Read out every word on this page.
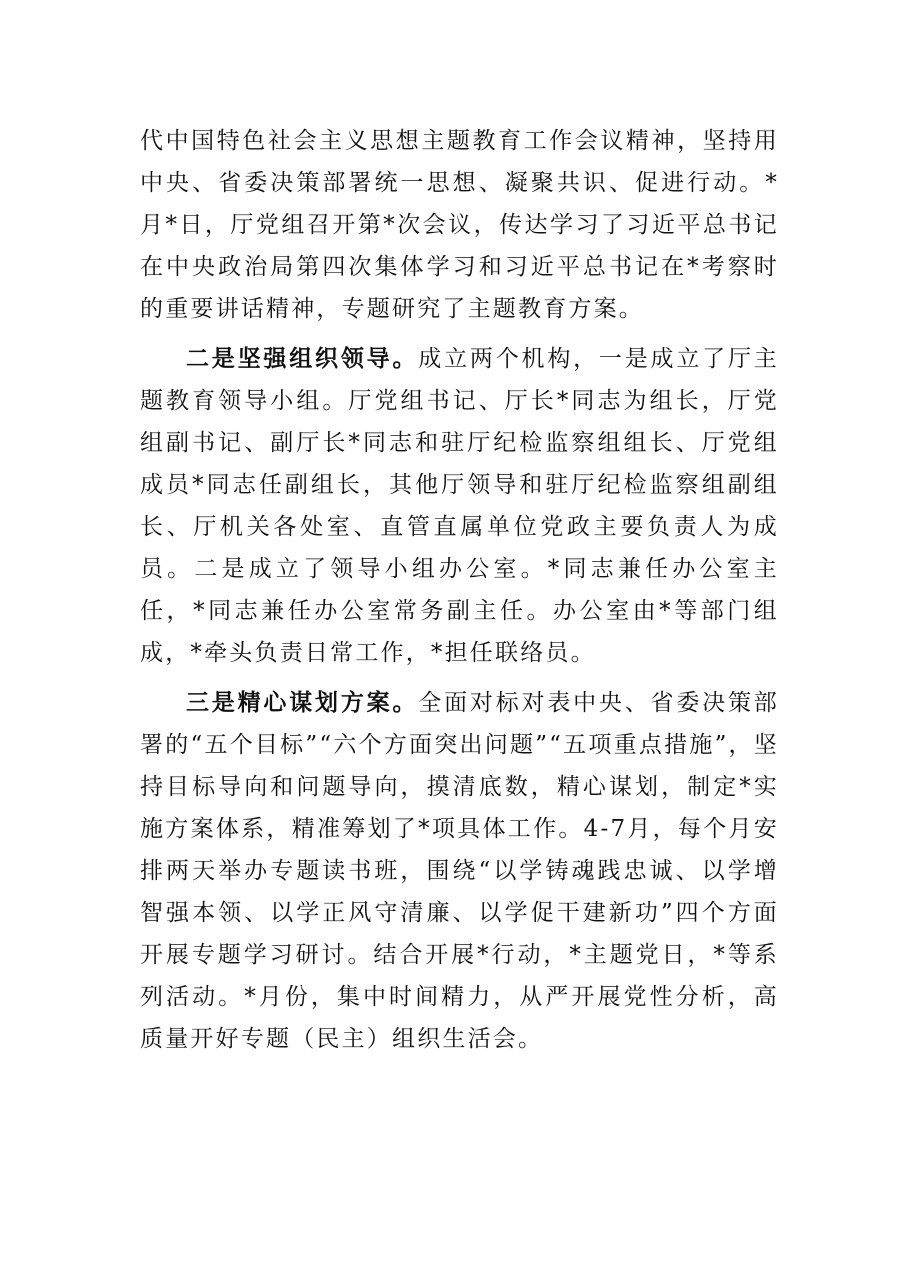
代中国特色社会主义思想主题教育工作会议精神，坚持用中央、省委决策部署统一思想、凝聚共识、促进行动。*月*日，厅党组召开第*次会议，传达学习了习近平总书记在中央政治局第四次集体学习和习近平总书记在*考察时的重要讲话精神，专题研究了主题教育方案。

二是坚强组织领导。成立两个机构，一是成立了厅主题教育领导小组。厅党组书记、厅长*同志为组长，厅党组副书记、副厅长*同志和驻厅纪检监察组组长、厅党组成员*同志任副组长，其他厅领导和驻厅纪检监察组副组长、厅机关各处室、直管直属单位党政主要负责人为成员。二是成立了领导小组办公室。*同志兼任办公室主任，*同志兼任办公室常务副主任。办公室由*等部门组成，*牵头负责日常工作，*担任联络员。

三是精心谋划方案。全面对标对表中央、省委决策部署的“五个目标”“六个方面突出问题”“五项重点措施”，坚持目标导向和问题导向，摸清底数，精心谋划，制定*实施方案体系，精准筹划了*项具体工作。4-7月，每个月安排两天举办专题读书班，围绕“以学铸魂践忠诚、以学增智强本领、以学正风守清廉、以学促干建新功”四个方面开展专题学习研讨。结合开展*行动，*主题党日，*等系列活动。*月份，集中时间精力，从严开展党性分析，高质量开好专题（民主）组织生活会。
